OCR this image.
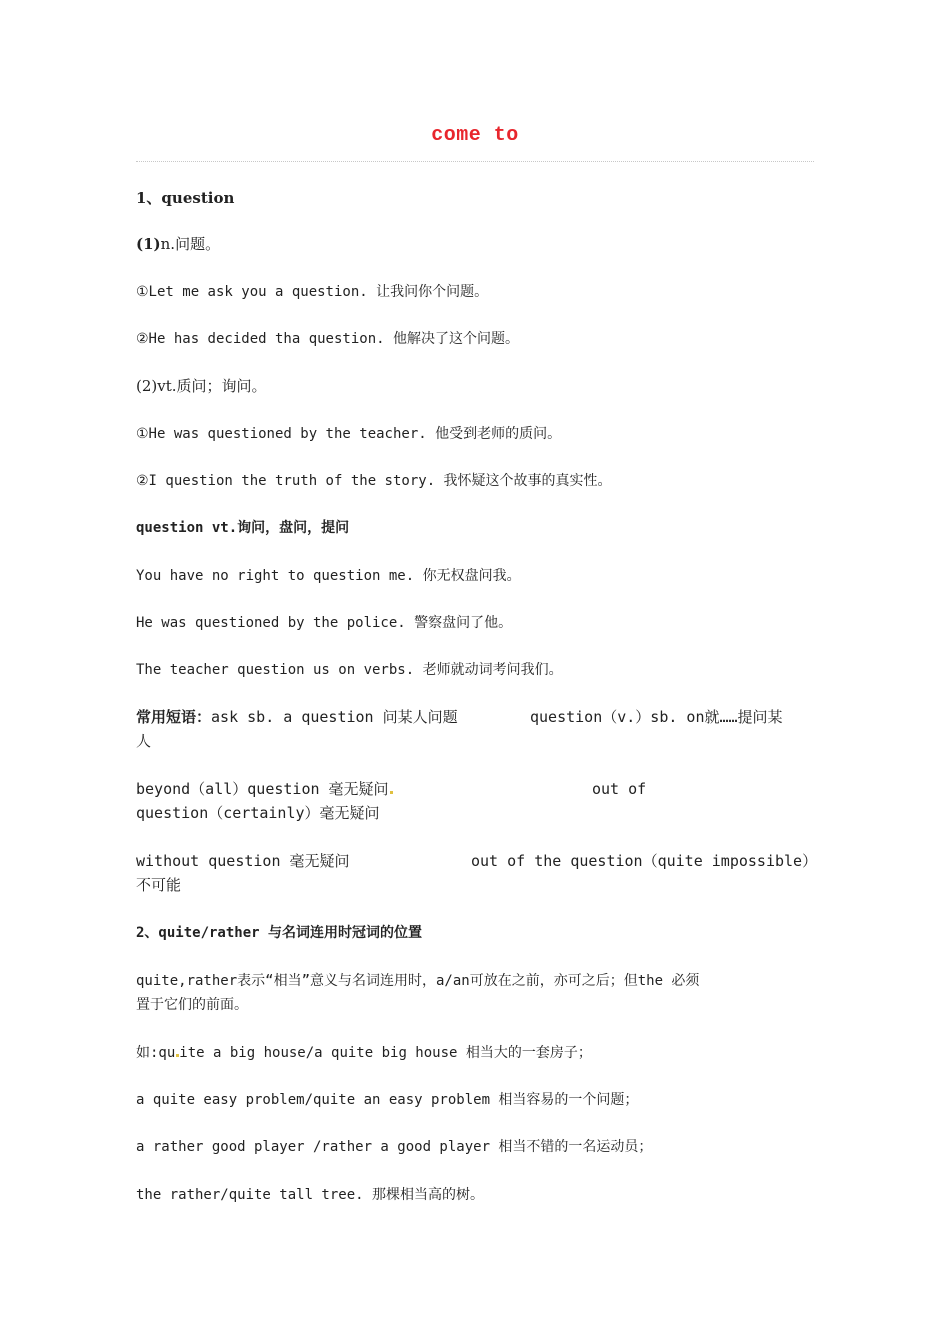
come to
1、question
(1)n.问题。
①Let me ask you a question. 让我问你个问题。
②He has decided tha question. 他解决了这个问题。
(2)vt.质问；询问。
①He was questioned by the teacher. 他受到老师的质问。
②I question the truth of the story. 我怀疑这个故事的真实性。
question vt.询问，盘问，提问
You have no right to question me. 你无权盘问我。
He was questioned by the police. 警察盘问了他。
The teacher question us on verbs. 老师就动词考问我们。
常用短语：ask sb. a question 问某人问题	question（v.）sb. on就……提问某
人
beyond（all）question 毫无疑问	out of
question（certainly）毫无疑问
without question 毫无疑问	out of the question（quite impossible）
不可能
2、quite/rather 与名词连用时冠词的位置
quite,rather表示“相当”意义与名词连用时，a/an可放在之前，亦可之后；但the 必须
置于它们的前面。
如:qu ite a big house/a quite big house 相当大的一套房子；
a quite easy problem/quite an easy problem 相当容易的一个问题；
a rather good player /rather a good player 相当不错的一名运动员；
the rather/quite tall tree. 那棵相当高的树。
